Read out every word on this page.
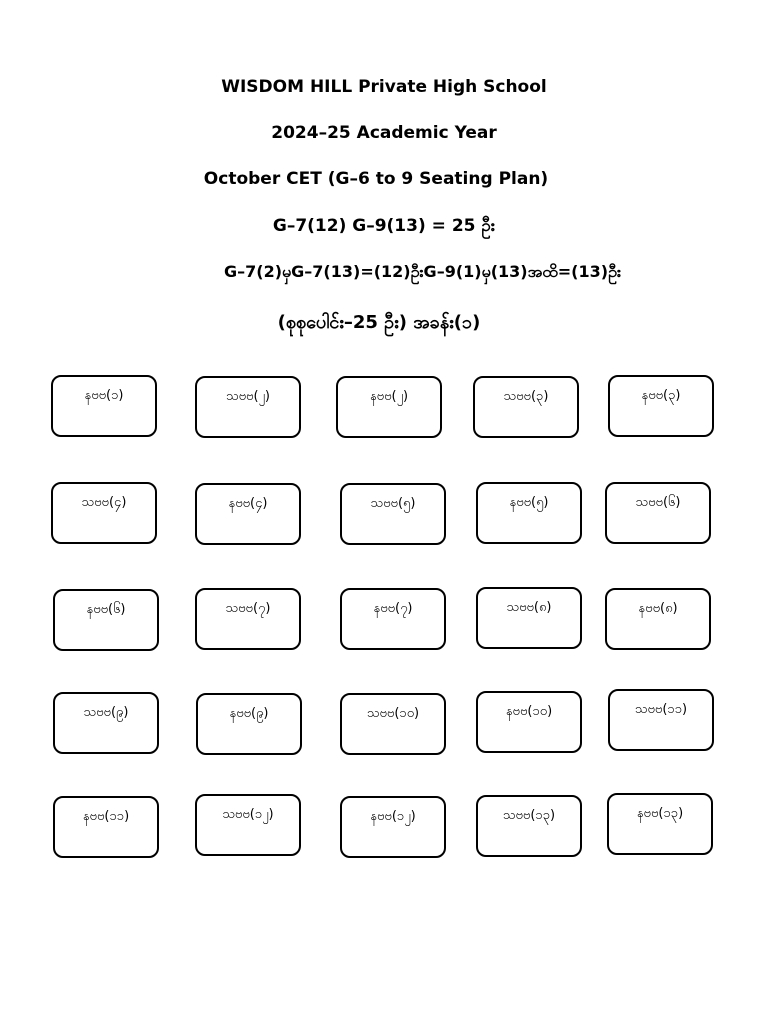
WISDOM HILL Private High School
2024–25 Academic Year
October CET (G–6 to 9 Seating Plan)
G–7(12) G–9(13) = 25 ဦး
G–7(2)မှG–7(13)=(12)ဦးG–9(1)မှ(13)အထိ=(13)ဦး
(စုစုပေါင်း–25 ဦး) အခန်း(၁)
နဗဗ(၁)	သဗဗ(၂)	နဗဗ(၂)	သဗဗ(၃)	နဗဗ(၃)
သဗဗ(၄)	နဗဗ(၄)	သဗဗ(၅)	နဗဗ(၅)	သဗဗ(၆)
နဗဗ(၆)	သဗဗ(၇)	နဗဗ(၇)	သဗဗ(၈)	နဗဗ(၈)
သဗဗ(၉)	နဗဗ(၉)	သဗဗ(၁၀)	နဗဗ(၁၀)	သဗဗ(၁၁)
နဗဗ(၁၁)	သဗဗ(၁၂)	နဗဗ(၁၂)	သဗဗ(၁၃)	နဗဗ(၁၃)
